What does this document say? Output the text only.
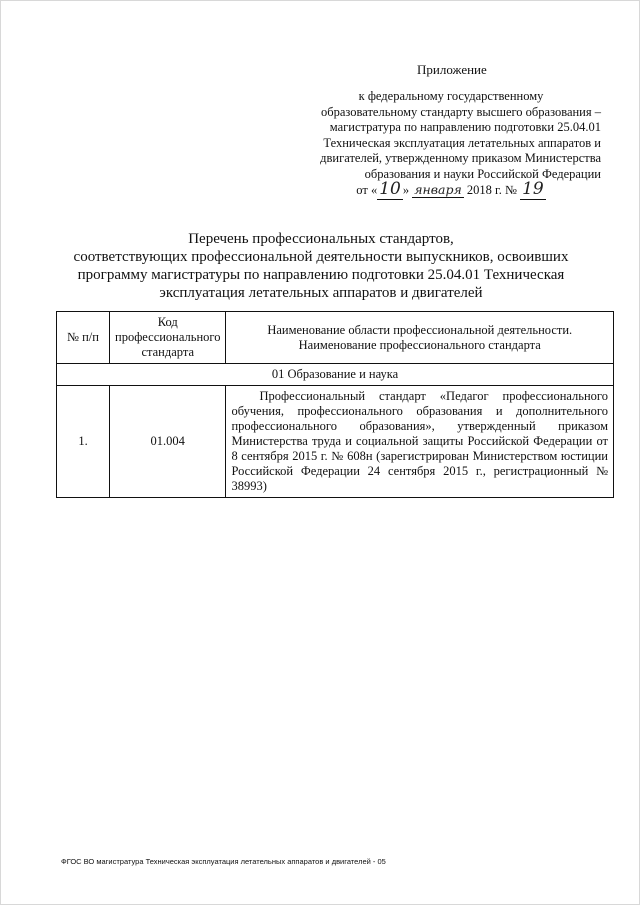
Приложение
к федеральному государственному
образовательному стандарту высшего образования –
магистратура по направлению подготовки 25.04.01
Техническая эксплуатация летательных аппаратов и
двигателей, утвержденному приказом Министерства
образования и науки Российской Федерации
от « 10 » января 2018 г. № 19
Перечень профессиональных стандартов,
соответствующих профессиональной деятельности выпускников, освоивших
программу магистратуры по направлению подготовки 25.04.01 Техническая
эксплуатация летательных аппаратов и двигателей
№ п/п	Код профессионального стандарта	Наименование области профессиональной деятельности.
Наименование профессионального стандарта

01 Образование и наука		
1.	01.004	Профессиональный стандарт «Педагог профессионального обучения, профессионального образования и дополнительного профессионального образования», утвержденный приказом Министерства труда и социальной защиты Российской Федерации от 8 сентября 2015 г. № 608н (зарегистрирован Министерством юстиции Российской Федерации 24 сентября 2015 г., регистрационный № 38993)
ФГОС ВО магистратура Техническая эксплуатация летательных аппаратов и двигателей - 05
